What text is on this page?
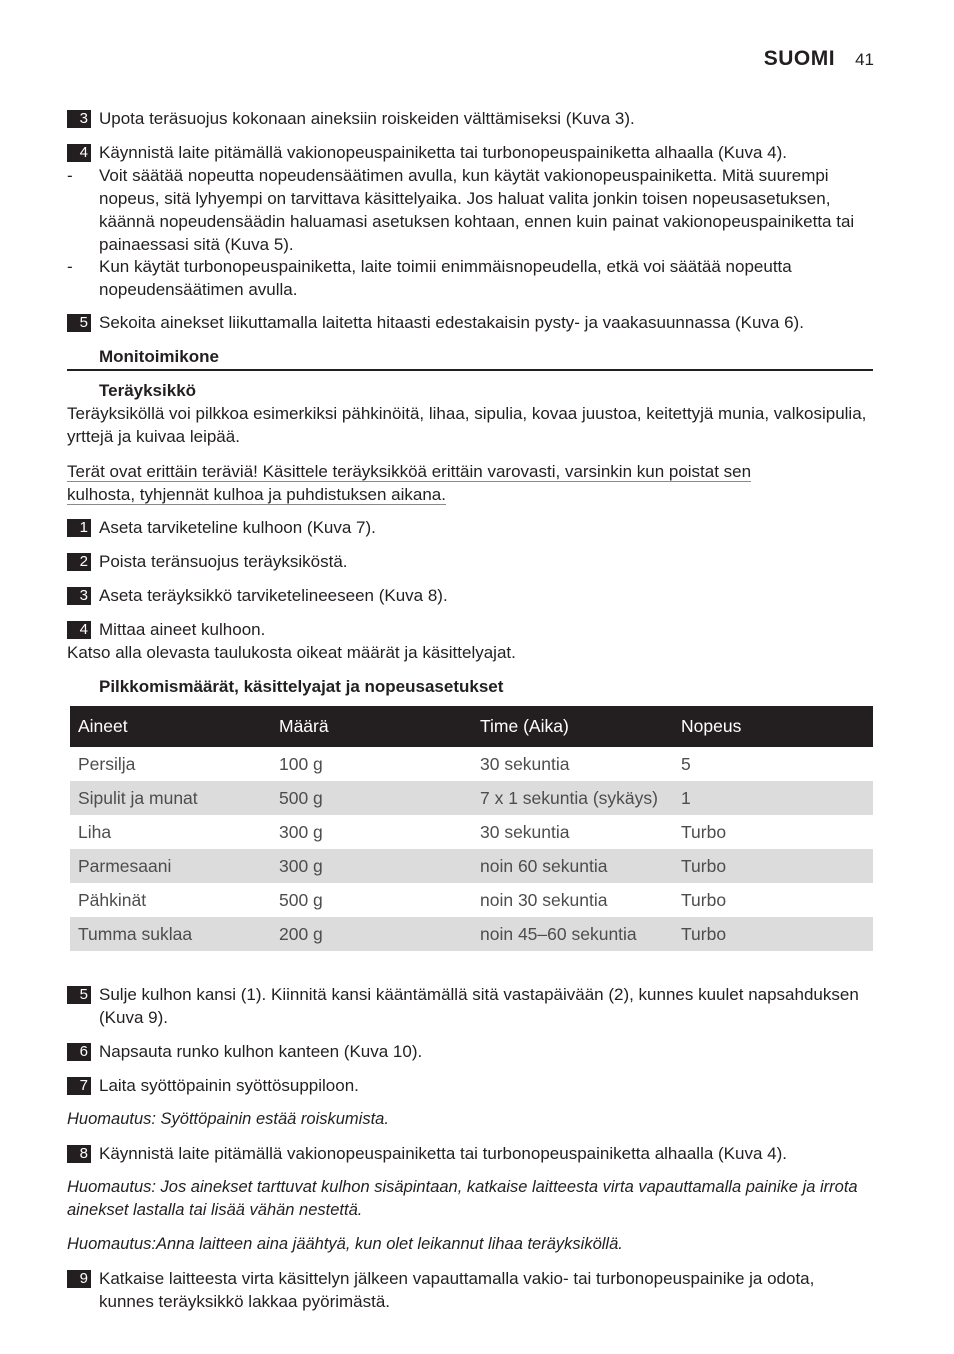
SUOMI 41
3 Upota teräsuojus kokonaan aineksiin roiskeiden välttämiseksi (Kuva 3).
4 Käynnistä laite pitämällä vakionopeuspainiketta tai turbonopeuspainiketta alhaalla (Kuva 4).
- Voit säätää nopeutta nopeudensäätimen avulla, kun käytät vakionopeuspainiketta. Mitä suurempi nopeus, sitä lyhyempi on tarvittava käsittelyaika. Jos haluat valita jonkin toisen nopeusasetuksen, käännä nopeudensäädin haluamasi asetuksen kohtaan, ennen kuin painat vakionopeuspainiketta tai painaessasi sitä (Kuva 5).
- Kun käytät turbonopeuspainiketta, laite toimii enimmäisnopeudella, etkä voi säätää nopeutta nopeudensäätimen avulla.
5 Sekoita ainekset liikuttamalla laitetta hitaasti edestakaisin pysty- ja vaakasuunnassa (Kuva 6).
Monitoimikone
Teräyksikkö
Teräyksiköllä voi pilkkoa esimerkiksi pähkinöitä, lihaa, sipulia, kovaa juustoa, keitettyjä munia, valkosipulia, yrttejä ja kuivaa leipää.
Terät ovat erittäin teräviä! Käsittele teräyksikköä erittäin varovasti, varsinkin kun poistat sen
kulhosta, tyhjennät kulhoa ja puhdistuksen aikana.
1 Aseta tarviketeline kulhoon (Kuva 7).
2 Poista teränsuojus teräyksiköstä.
3 Aseta teräyksikkö tarviketelineeseen (Kuva 8).
4 Mittaa aineet kulhoon.
Katso alla olevasta taulukosta oikeat määrät ja käsittelyajat.
Pilkkomismäärät, käsittelyajat ja nopeusasetukset
Aineet	Määrä	Time (Aika)	Nopeus
Persilja	100 g	30 sekuntia	5
Sipulit ja munat	500 g	7 x 1 sekuntia (sykäys)	1
Liha	300 g	30 sekuntia	Turbo
Parmesaani	300 g	noin 60 sekuntia	Turbo
Pähkinät	500 g	noin 30 sekuntia	Turbo
Tumma suklaa	200 g	noin 45–60 sekuntia	Turbo
5 Sulje kulhon kansi (1). Kiinnitä kansi kääntämällä sitä vastapäivään (2), kunnes kuulet napsahduksen (Kuva 9).
6 Napsauta runko kulhon kanteen (Kuva 10).
7 Laita syöttöpainin syöttösuppiloon.
Huomautus: Syöttöpainin estää roiskumista.
8 Käynnistä laite pitämällä vakionopeuspainiketta tai turbonopeuspainiketta alhaalla (Kuva 4).
Huomautus: Jos ainekset tarttuvat kulhon sisäpintaan, katkaise laitteesta virta vapauttamalla painike ja irrota ainekset lastalla tai lisää vähän nestettä.
Huomautus:Anna laitteen aina jäähtyä, kun olet leikannut lihaa teräyksiköllä.
9 Katkaise laitteesta virta käsittelyn jälkeen vapauttamalla vakio- tai turbonopeuspainike ja odota, kunnes teräyksikkö lakkaa pyörimästä.
